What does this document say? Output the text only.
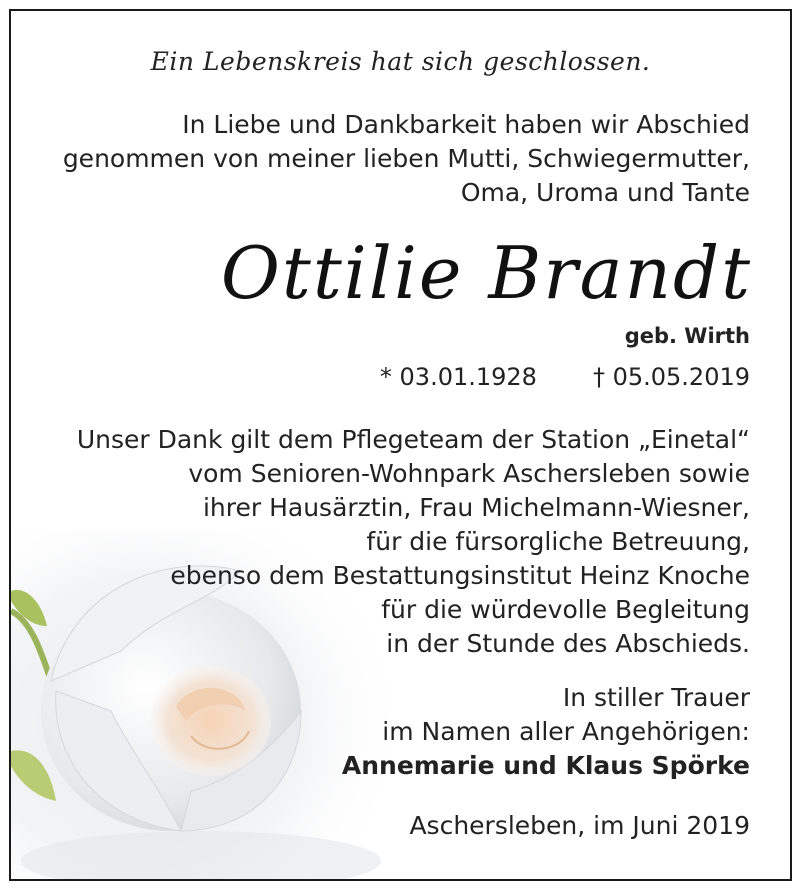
Ein Lebenskreis hat sich geschlossen.
In Liebe und Dankbarkeit haben wir Abschied
genommen von meiner lieben Mutti, Schwiegermutter,
Oma, Uroma und Tante
Ottilie Brandt
geb. Wirth
* 03.01.1928 † 05.05.2019
Unser Dank gilt dem Pflegeteam der Station „Einetal“
vom Senioren-Wohnpark Aschersleben sowie
ihrer Hausärztin, Frau Michelmann-Wiesner,
für die fürsorgliche Betreuung,
ebenso dem Bestattungsinstitut Heinz Knoche
für die würdevolle Begleitung
in der Stunde des Abschieds.
In stiller Trauer
im Namen aller Angehörigen:
Annemarie und Klaus Spörke
Aschersleben, im Juni 2019
